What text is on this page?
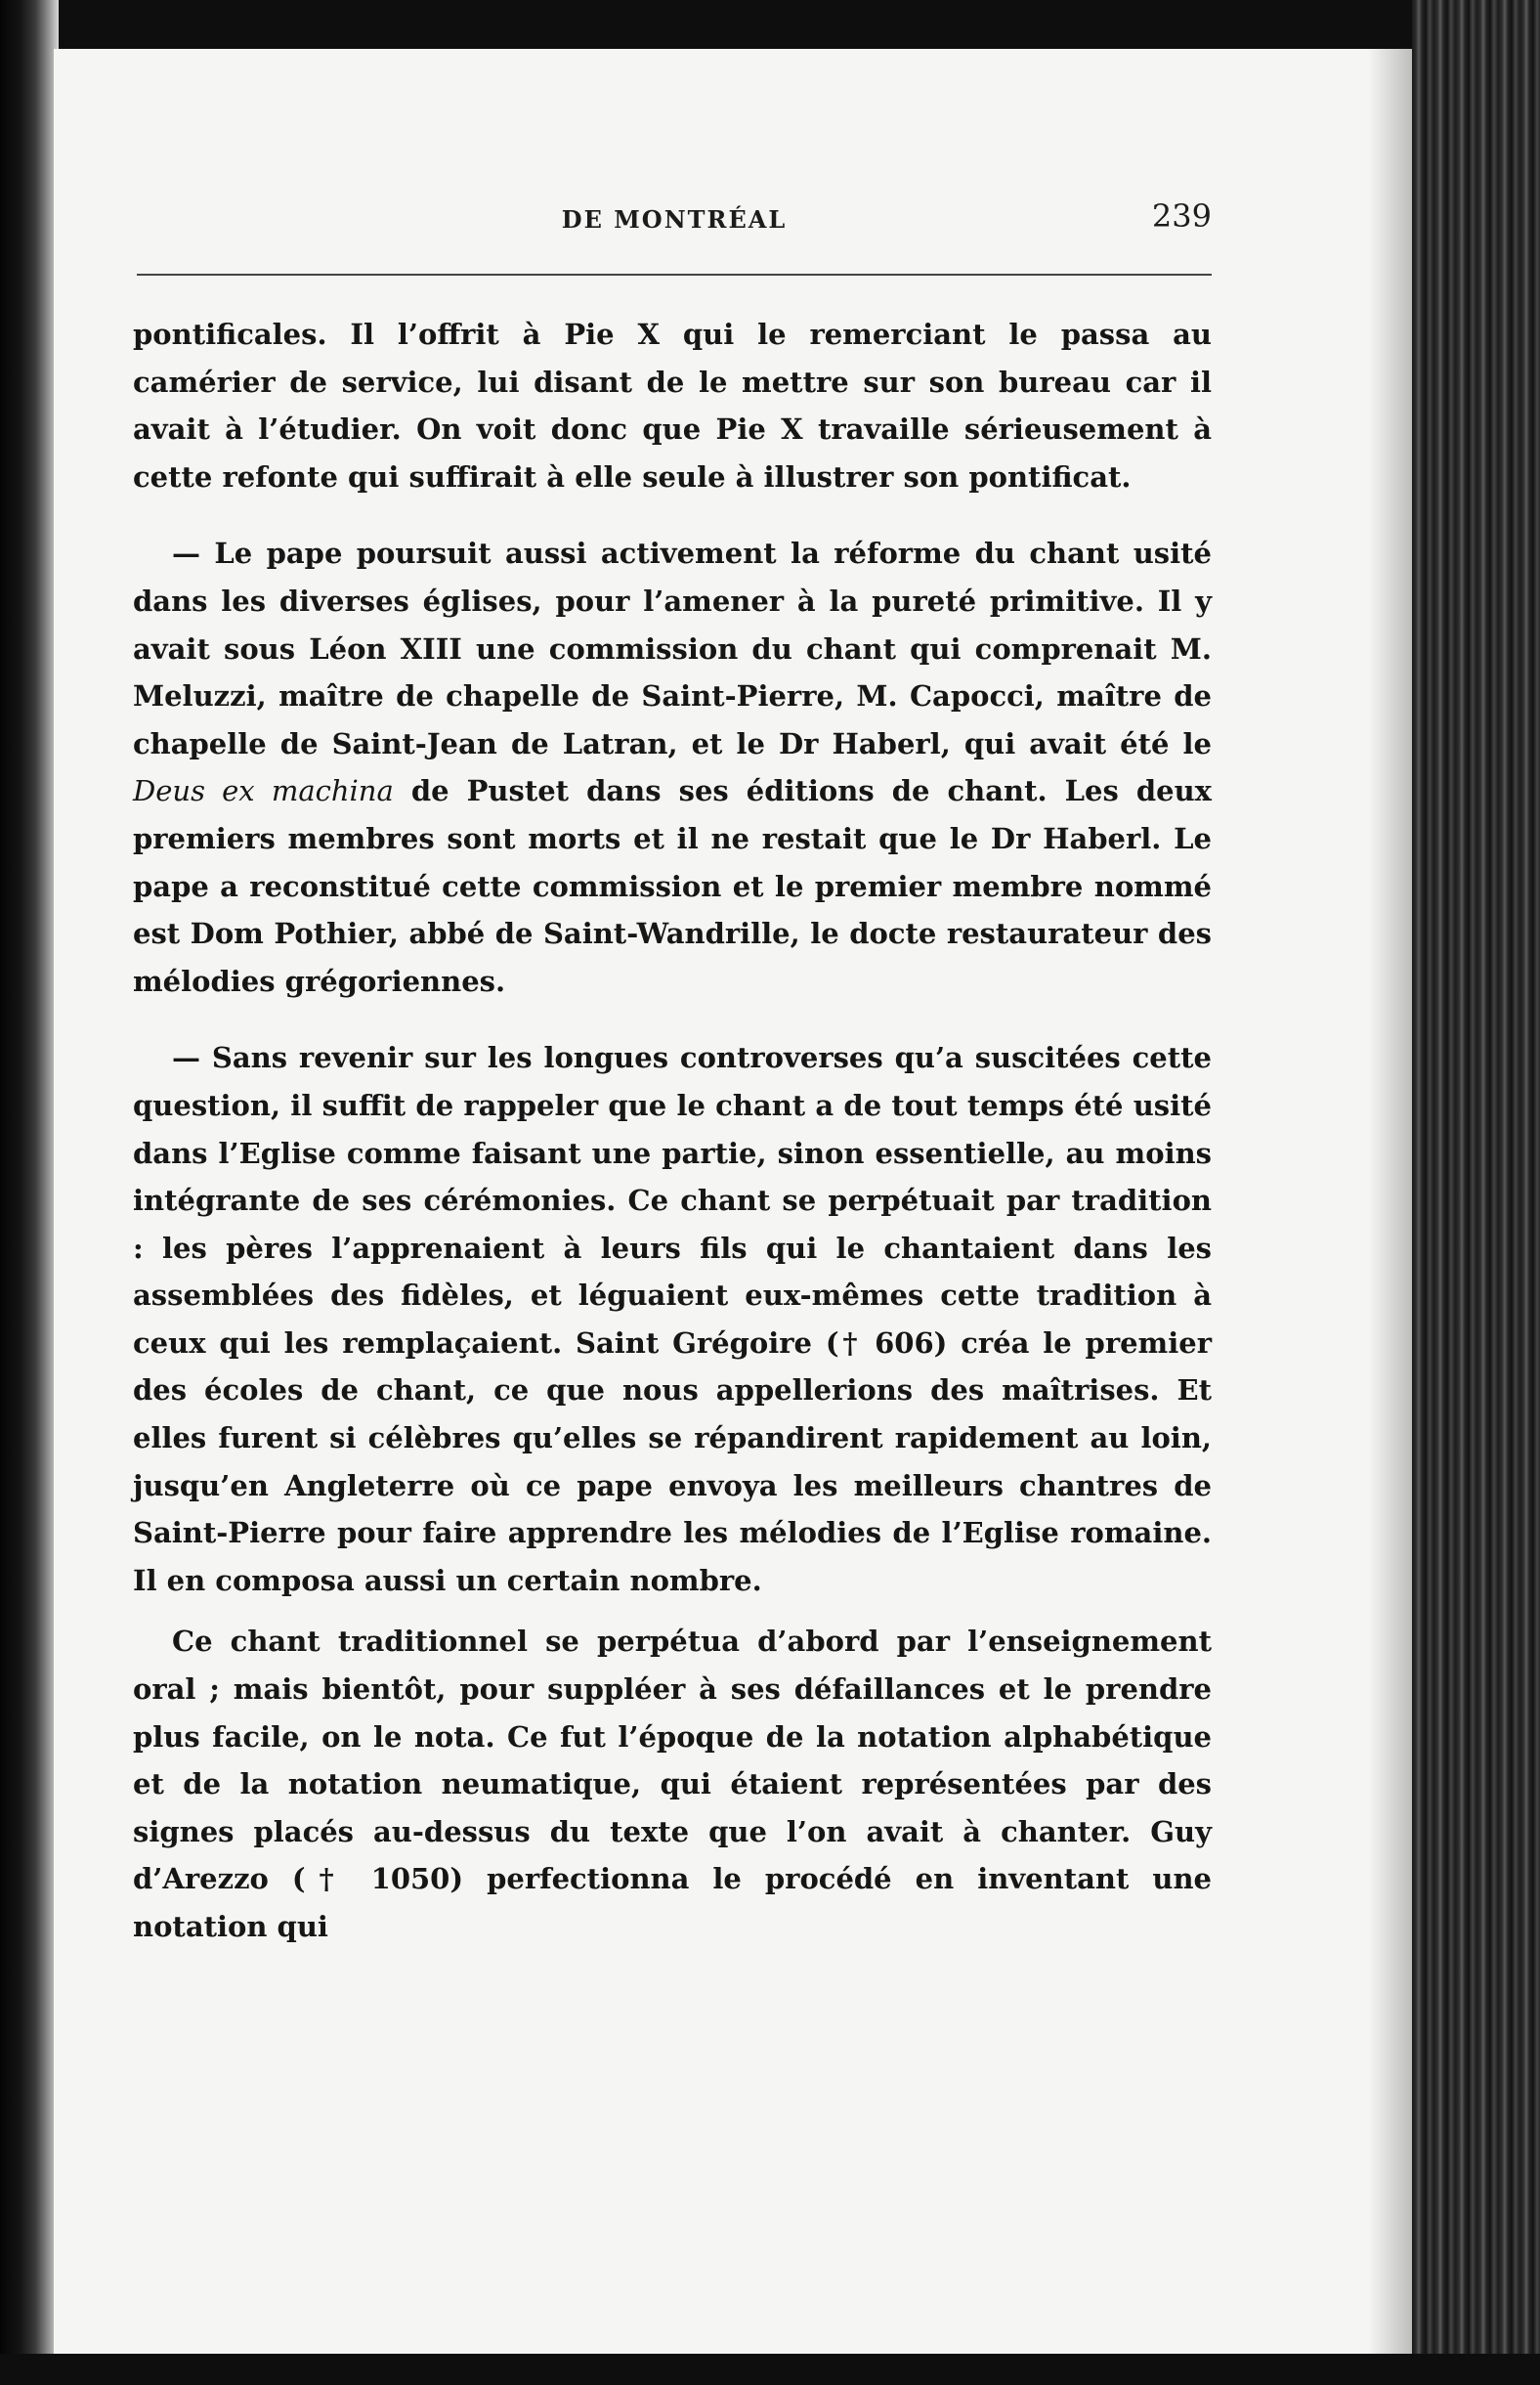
DE MONTRÉAL	239

pontificales. Il l’offrit à Pie X qui le remerciant le passa au camérier de service, lui disant de le mettre sur son bureau car il avait à l’étudier. On voit donc que Pie X travaille sérieusement à cette refonte qui suffirait à elle seule à illustrer son pontificat.

— Le pape poursuit aussi activement la réforme du chant usité dans les diverses églises, pour l’amener à la pureté primitive. Il y avait sous Léon XIII une commission du chant qui comprenait M. Meluzzi, maître de chapelle de Saint-Pierre, M. Capocci, maître de chapelle de Saint-Jean de Latran, et le Dr Haberl, qui avait été le Deus ex machina de Pustet dans ses éditions de chant. Les deux premiers membres sont morts et il ne restait que le Dr Haberl. Le pape a reconstitué cette commission et le premier membre nommé est Dom Pothier, abbé de Saint-Wandrille, le docte restaurateur des mélodies grégoriennes.

— Sans revenir sur les longues controverses qu’a suscitées cette question, il suffit de rappeler que le chant a de tout temps été usité dans l’Eglise comme faisant une partie, sinon essentielle, au moins intégrante de ses cérémonies. Ce chant se perpétuait par tradition : les pères l’apprenaient à leurs fils qui le chantaient dans les assemblées des fidèles, et léguaient eux-mêmes cette tradition à ceux qui les remplaçaient. Saint Grégoire († 606) créa le premier des écoles de chant, ce que nous appellerions des maîtrises. Et elles furent si célèbres qu’elles se répandirent rapidement au loin, jusqu’en Angleterre où ce pape envoya les meilleurs chantres de Saint-Pierre pour faire apprendre les mélodies de l’Eglise romaine. Il en composa aussi un certain nombre.

Ce chant traditionnel se perpétua d’abord par l’enseignement oral ; mais bientôt, pour suppléer à ses défaillances et le prendre plus facile, on le nota. Ce fut l’époque de la notation alphabétique et de la notation neumatique, qui étaient représentées par des signes placés au-dessus du texte que l’on avait à chanter. Guy d’Arezzo († 1050) perfectionna le procédé en inventant une notation qui
